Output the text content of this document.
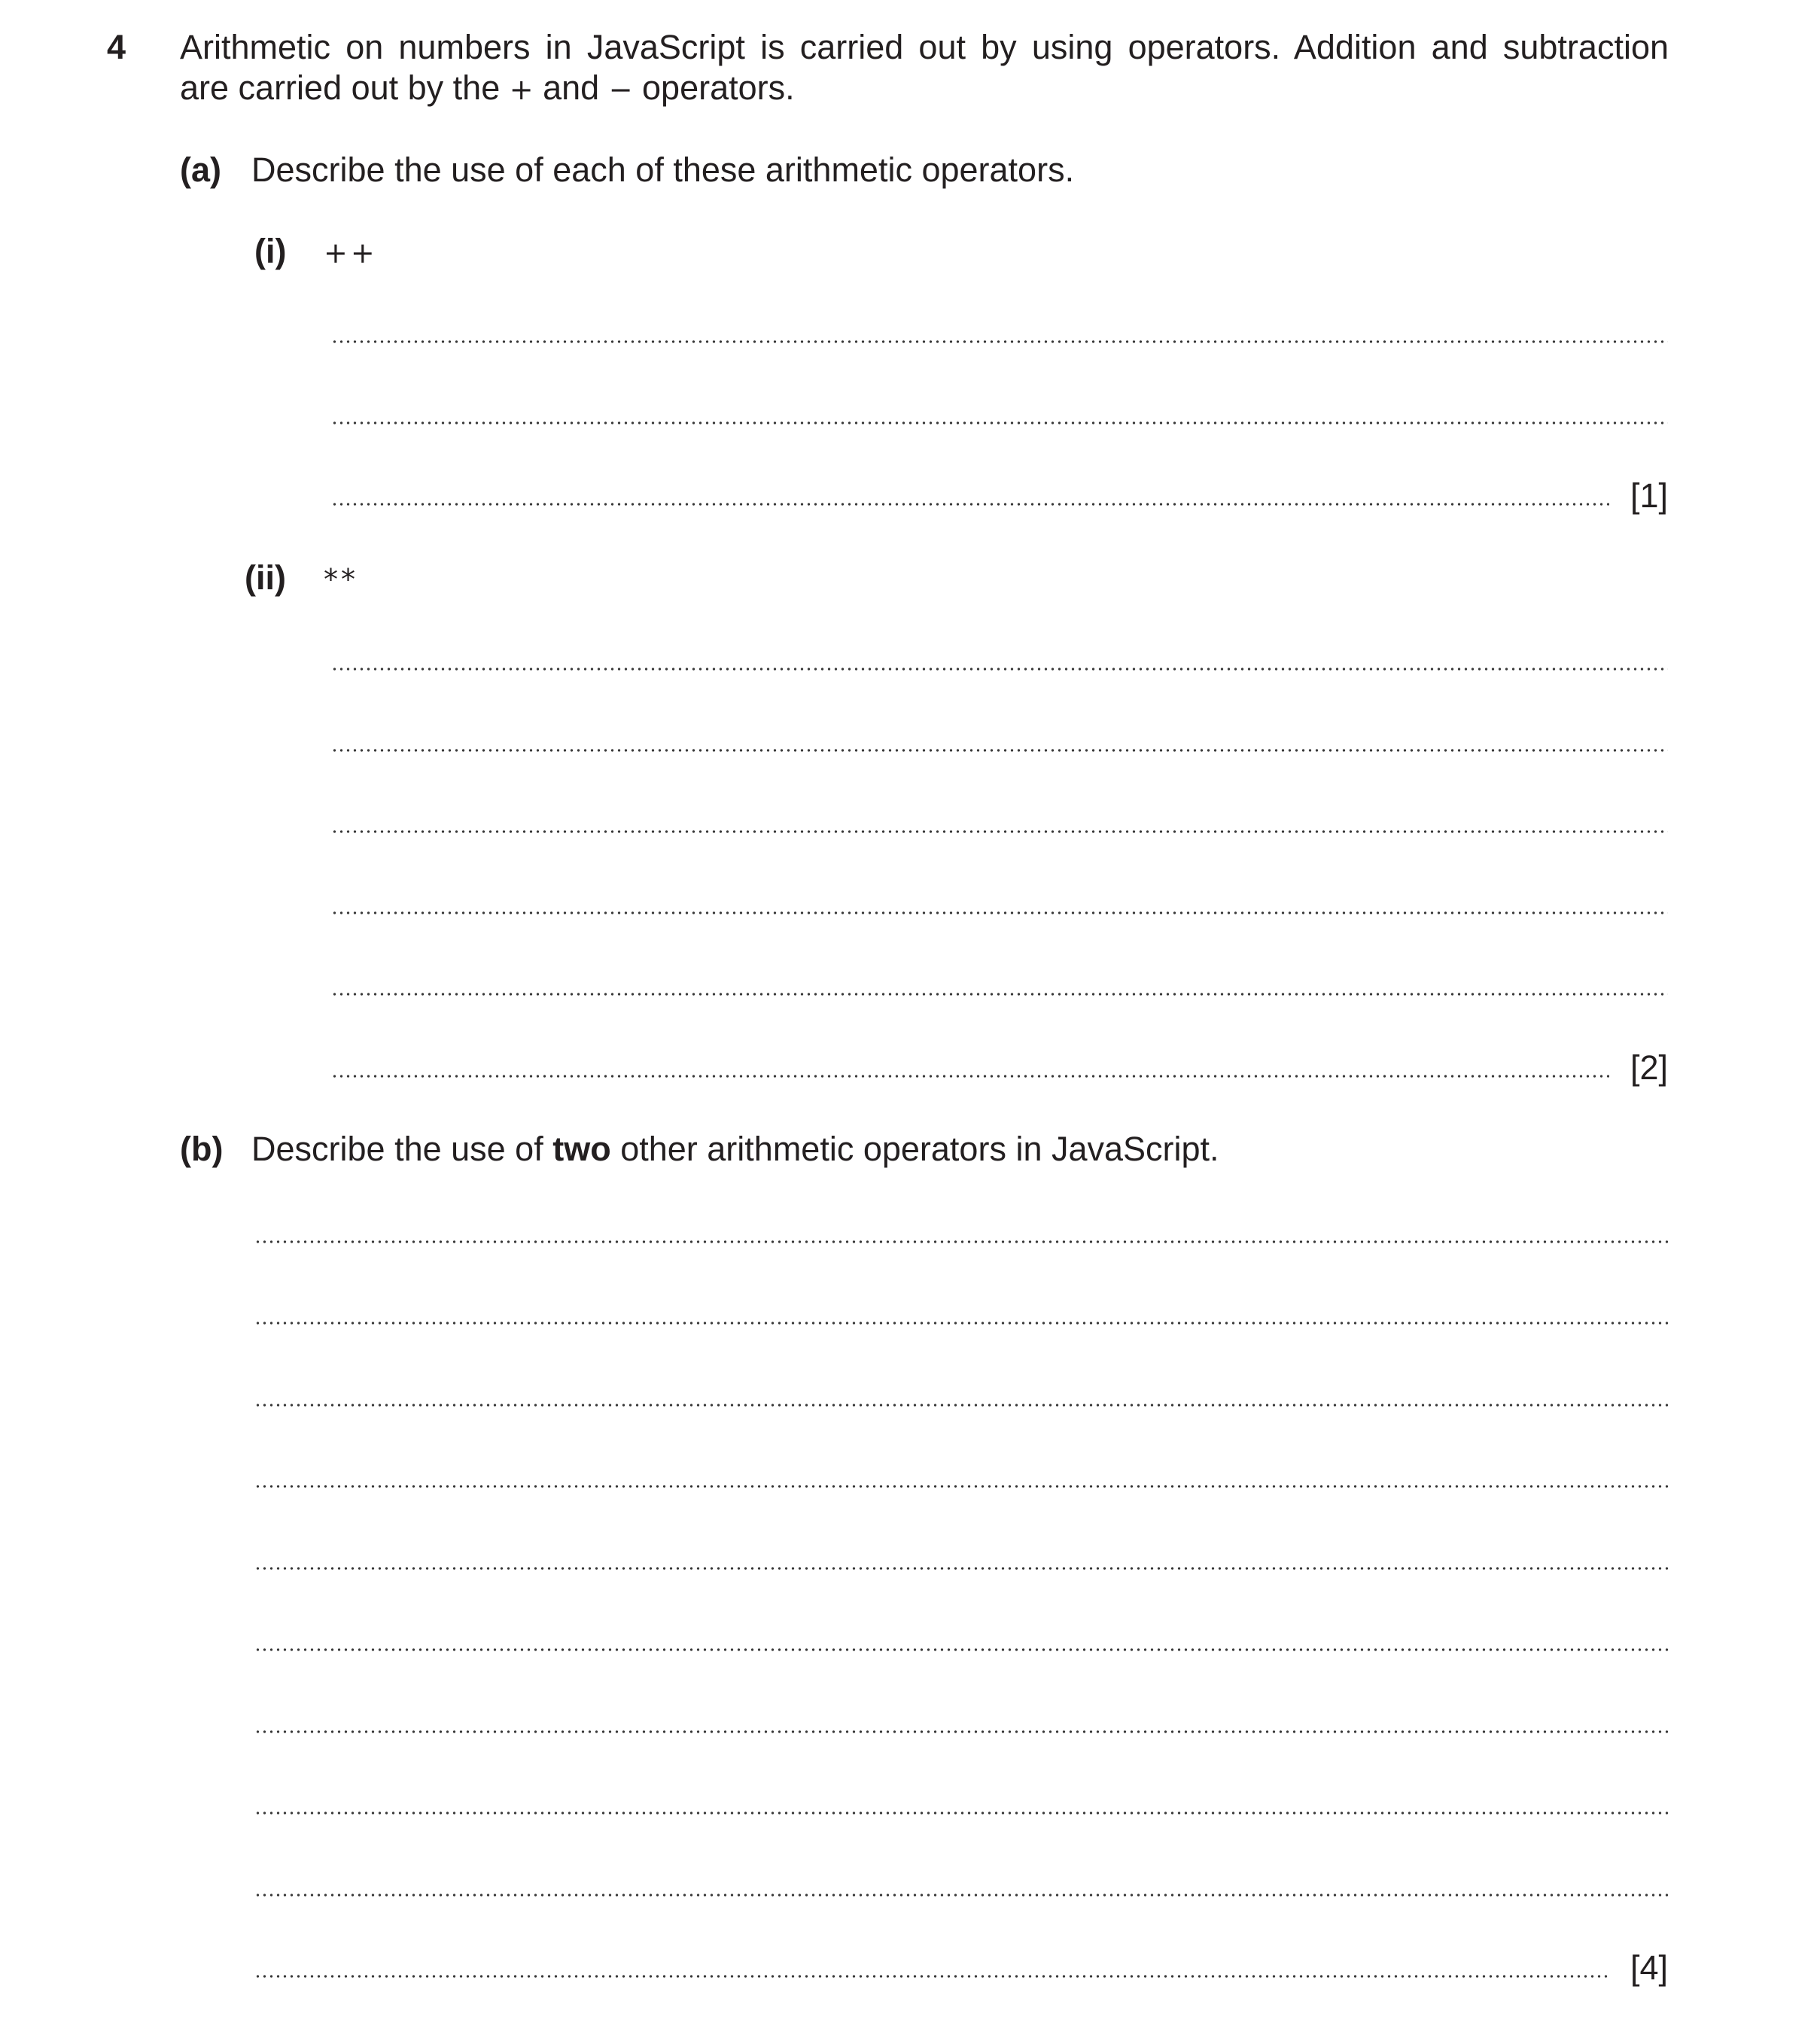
4 Arithmetic on numbers in JavaScript is carried out by using operators. Addition and subtraction
are carried out by the + and − operators.
(a) Describe the use of each of these arithmetic operators.
(i) ++
[1]
(ii) **
[2]
(b) Describe the use of two other arithmetic operators in JavaScript.
[4]
